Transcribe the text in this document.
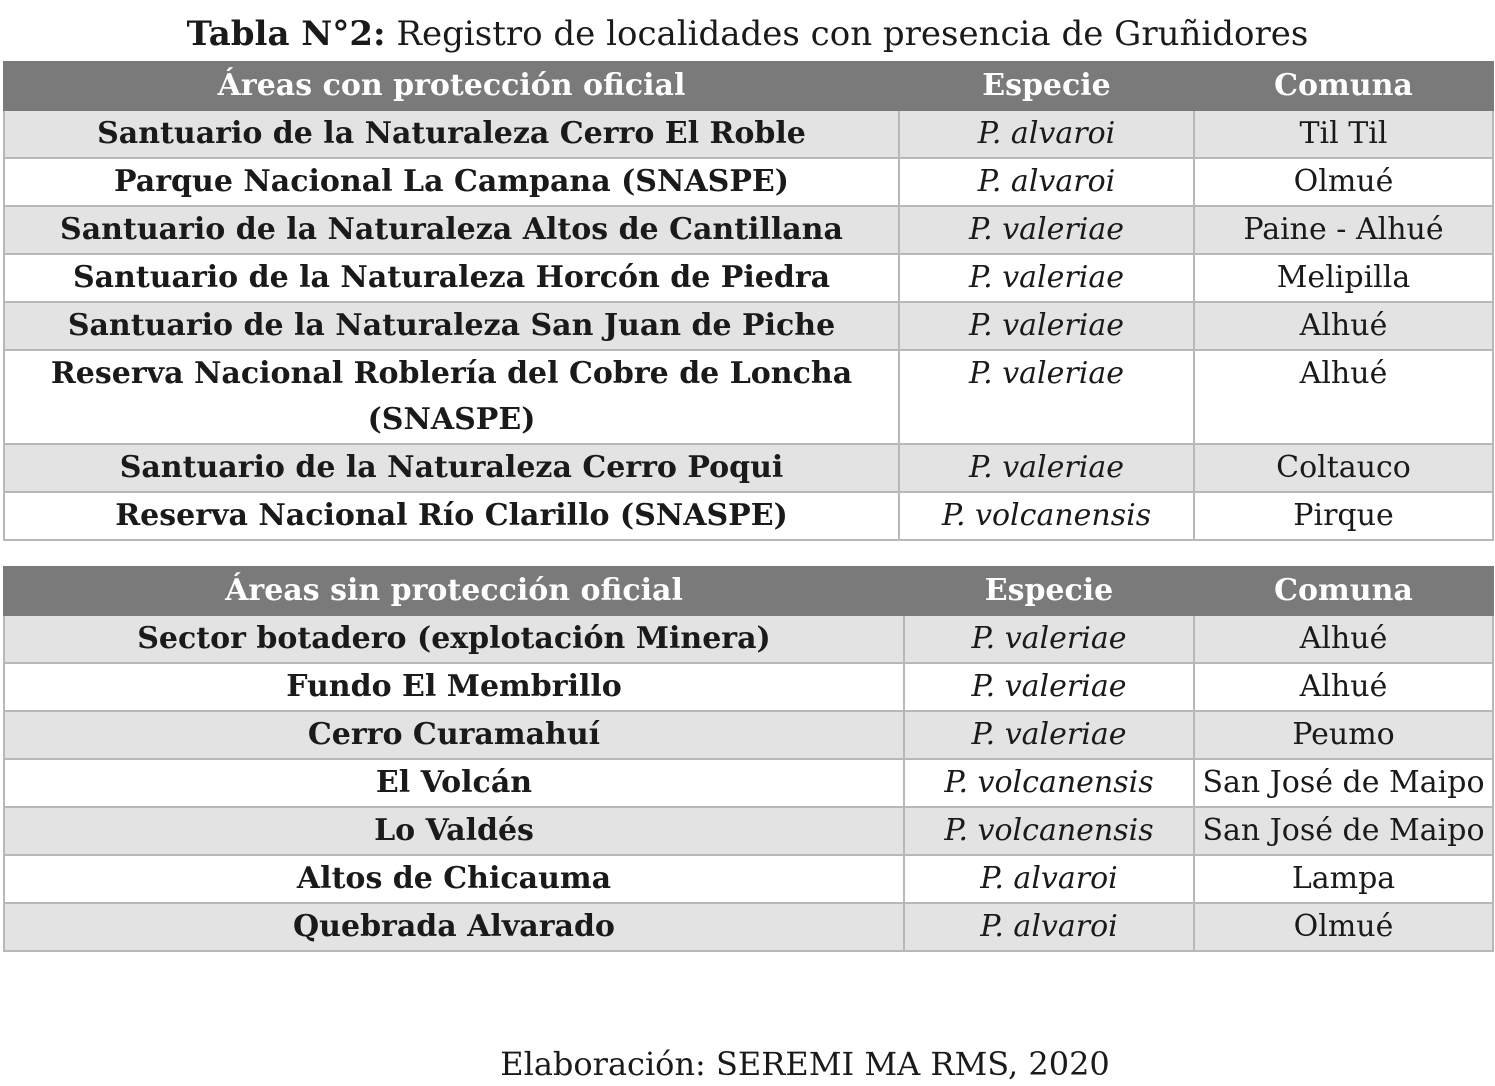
Tabla N°2: Registro de localidades con presencia de Gruñidores
Áreas con protección oficial	Especie	Comuna
Santuario de la Naturaleza Cerro El Roble	P. alvaroi	Til Til
Parque Nacional La Campana (SNASPE)	P. alvaroi	Olmué
Santuario de la Naturaleza Altos de Cantillana	P. valeriae	Paine - Alhué
Santuario de la Naturaleza Horcón de Piedra	P. valeriae	Melipilla
Santuario de la Naturaleza San Juan de Piche	P. valeriae	Alhué
Reserva Nacional Roblería del Cobre de Loncha (SNASPE)	P. valeriae	Alhué
Santuario de la Naturaleza Cerro Poqui	P. valeriae	Coltauco
Reserva Nacional Río Clarillo (SNASPE)	P. volcanensis	Pirque
Áreas sin protección oficial	Especie	Comuna
Sector botadero (explotación Minera)	P. valeriae	Alhué
Fundo El Membrillo	P. valeriae	Alhué
Cerro Curamahuí	P. valeriae	Peumo
El Volcán	P. volcanensis	San José de Maipo
Lo Valdés	P. volcanensis	San José de Maipo
Altos de Chicauma	P. alvaroi	Lampa
Quebrada Alvarado	P. alvaroi	Olmué
Elaboración: SEREMI MA RMS, 2020
